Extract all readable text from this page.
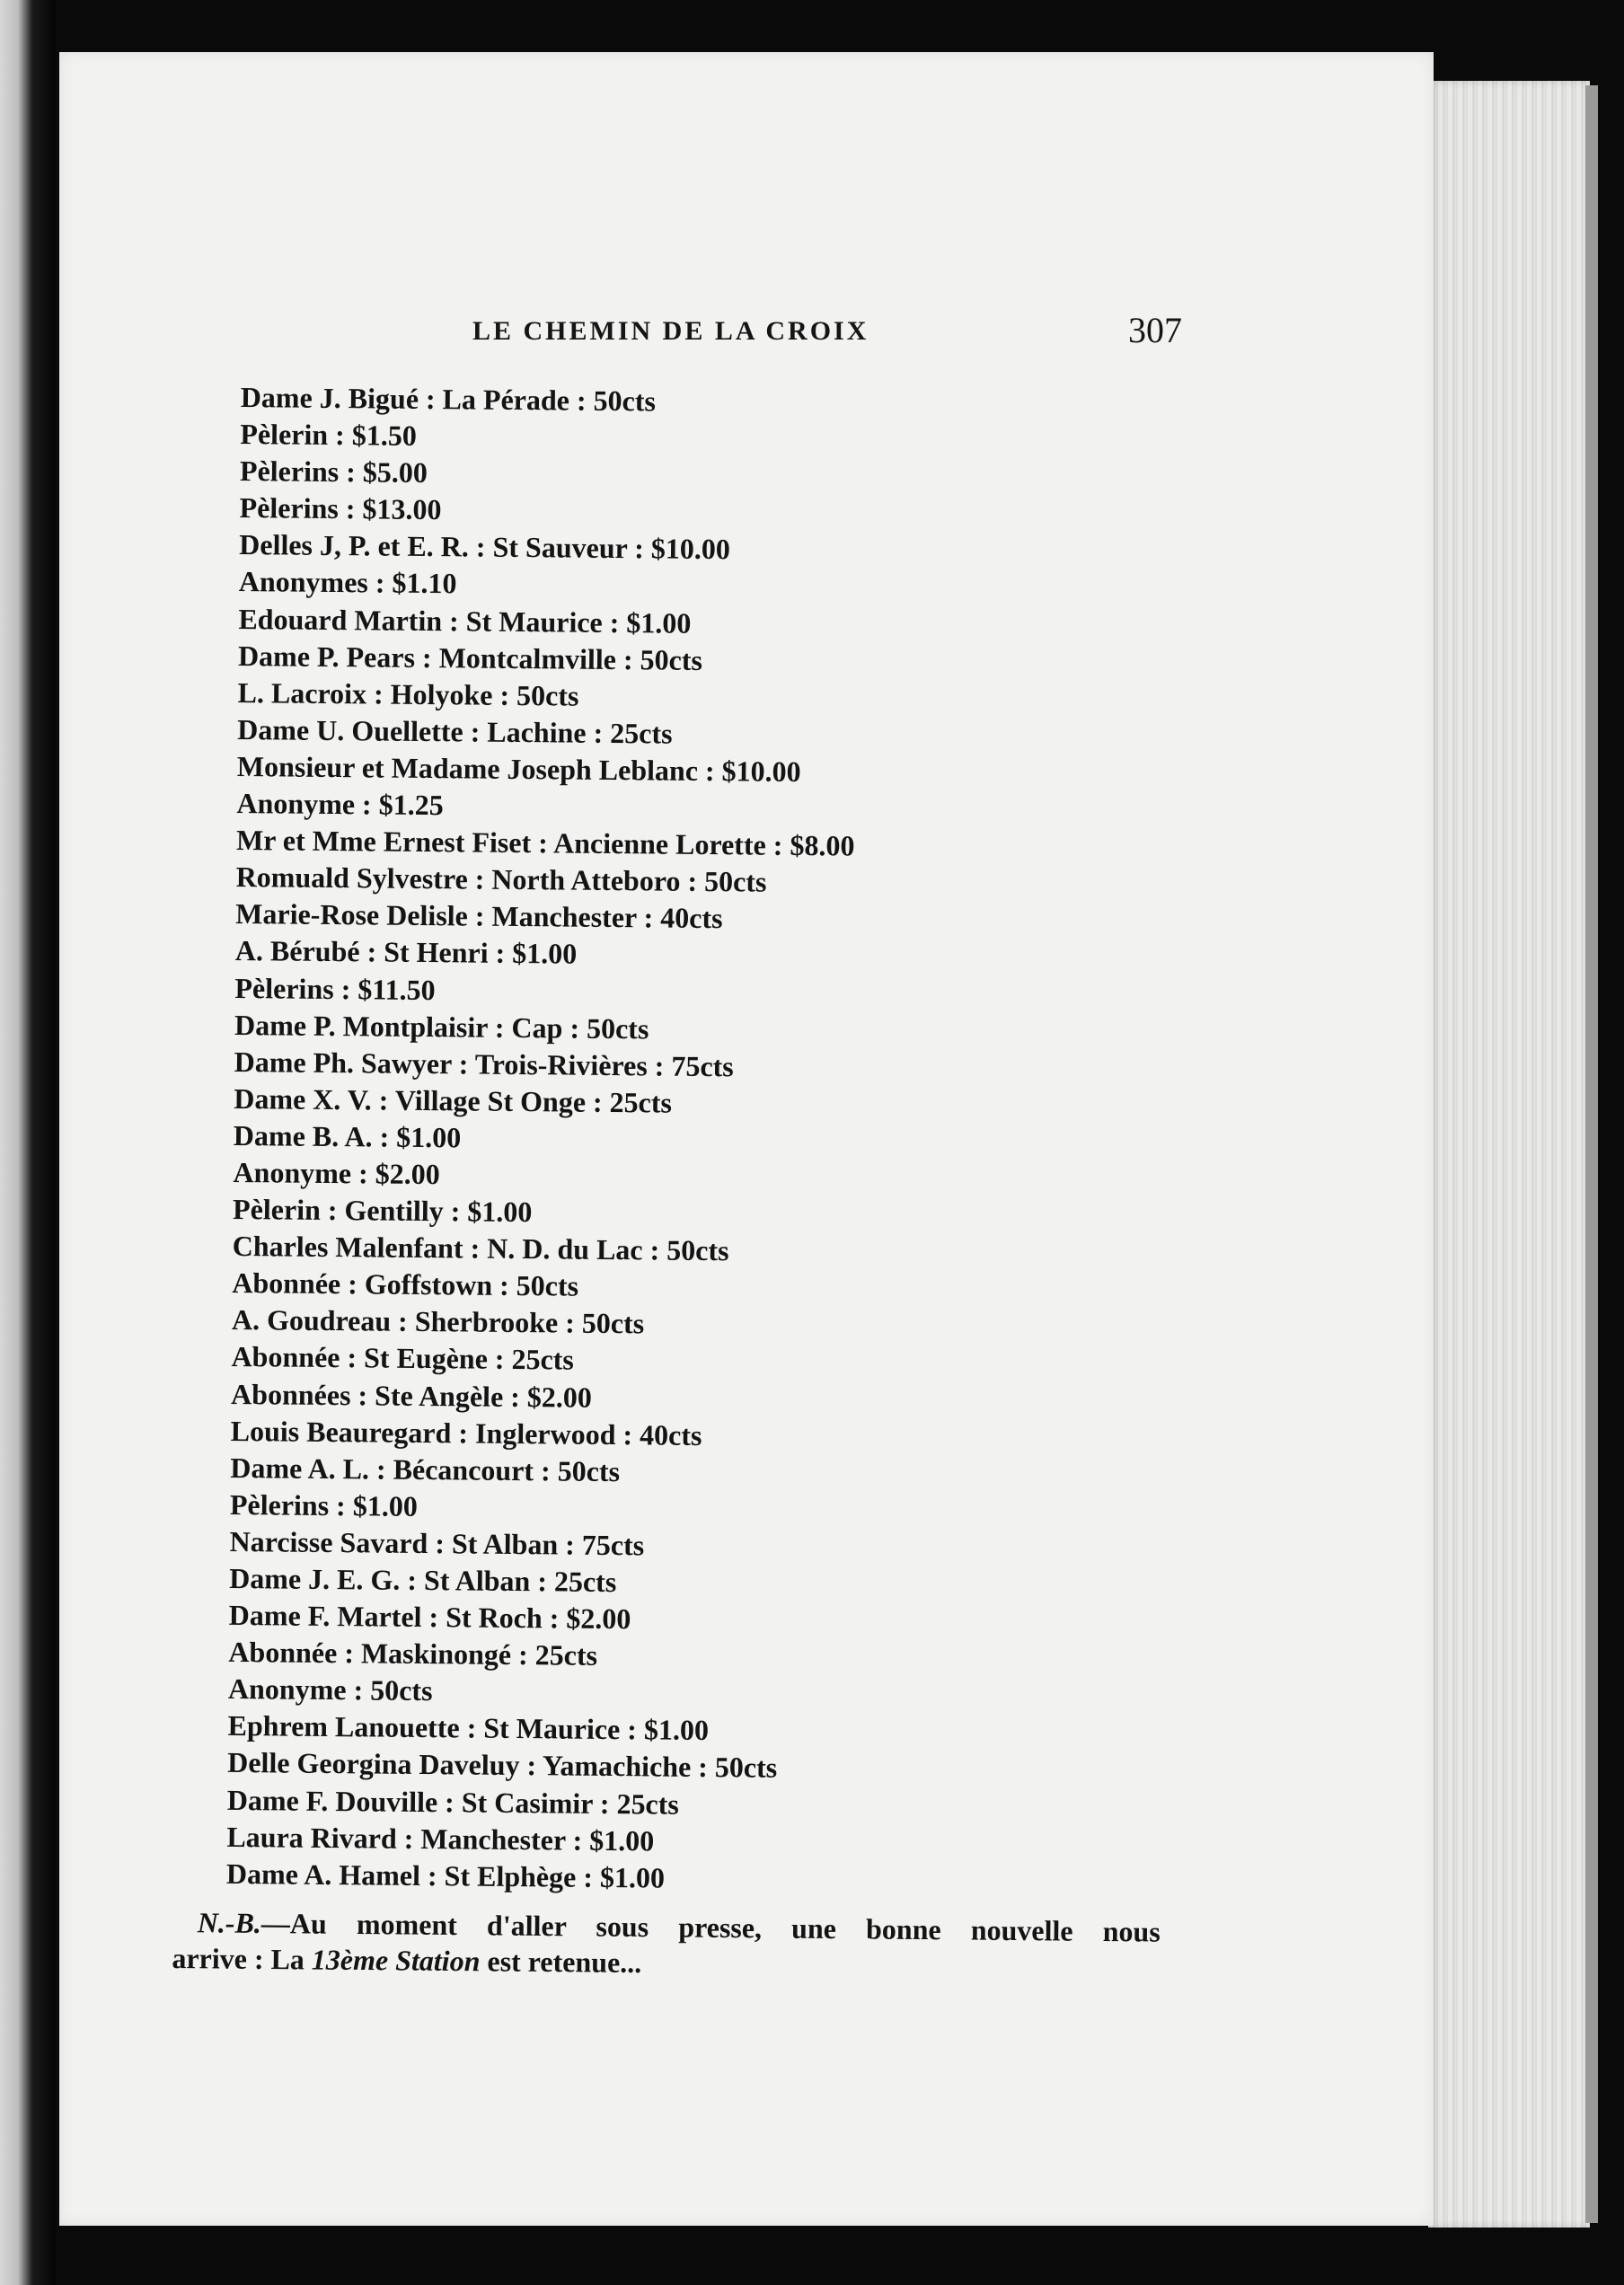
LE CHEMIN DE LA CROIX	307
Dame J. Bigué : La Pérade : 50cts
Pèlerin : $1.50
Pèlerins : $5.00
Pèlerins : $13.00
Delles J, P. et E. R. : St Sauveur : $10.00
Anonymes : $1.10
Edouard Martin : St Maurice : $1.00
Dame P. Pears : Montcalmville : 50cts
L. Lacroix : Holyoke : 50cts
Dame U. Ouellette : Lachine : 25cts
Monsieur et Madame Joseph Leblanc : $10.00
Anonyme : $1.25
Mr et Mme Ernest Fiset : Ancienne Lorette : $8.00
Romuald Sylvestre : North Atteboro : 50cts
Marie-Rose Delisle : Manchester : 40cts
A. Bérubé : St Henri : $1.00
Pèlerins : $11.50
Dame P. Montplaisir : Cap : 50cts
Dame Ph. Sawyer : Trois-Rivières : 75cts
Dame X. V. : Village St Onge : 25cts
Dame B. A. : $1.00
Anonyme : $2.00
Pèlerin : Gentilly : $1.00
Charles Malenfant : N. D. du Lac : 50cts
Abonnée : Goffstown : 50cts
A. Goudreau : Sherbrooke : 50cts
Abonnée : St Eugène : 25cts
Abonnées : Ste Angèle : $2.00
Louis Beauregard : Inglerwood : 40cts
Dame A. L. : Bécancourt : 50cts
Pèlerins : $1.00
Narcisse Savard : St Alban : 75cts
Dame J. E. G. : St Alban : 25cts
Dame F. Martel : St Roch : $2.00
Abonnée : Maskinongé : 25cts
Anonyme : 50cts
Ephrem Lanouette : St Maurice : $1.00
Delle Georgina Daveluy : Yamachiche : 50cts
Dame F. Douville : St Casimir : 25cts
Laura Rivard : Manchester : $1.00
Dame A. Hamel : St Elphège : $1.00
N.-B.—Au moment d'aller sous presse, une bonne nouvelle nous
arrive : La 13ème Station est retenue...
